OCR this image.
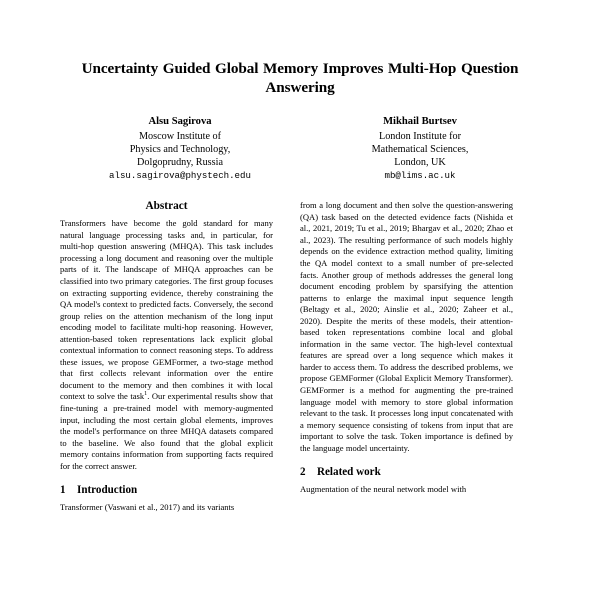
Uncertainty Guided Global Memory Improves Multi-Hop Question Answering
Alsu Sagirova
Moscow Institute of
Physics and Technology,
Dolgoprudny, Russia
alsu.sagirova@phystech.edu
Mikhail Burtsev
London Institute for
Mathematical Sciences,
London, UK
mb@lims.ac.uk
Abstract

Transformers have become the gold standard for many natural language processing tasks and, in particular, for multi-hop question answering (MHQA). This task includes processing a long document and reasoning over the multiple parts of it. The landscape of MHQA approaches can be classified into two primary categories. The first group focuses on extracting supporting evidence, thereby constraining the QA model's context to predicted facts. Conversely, the second group relies on the attention mechanism of the long input encoding model to facilitate multi-hop reasoning. However, attention-based token representations lack explicit global contextual information to connect reasoning steps. To address these issues, we propose GEMFormer, a two-stage method that first collects relevant information over the entire document to the memory and then combines it with local context to solve the task$^1$. Our experimental results show that fine-tuning a pre-trained model with memory-augmented input, including the most certain global elements, improves the model's performance on three MHQA datasets compared to the baseline. We also found that the global explicit memory contains information from supporting facts required for the correct answer.

1	Introduction

Transformer (Vaswani et al., 2017) and its variants

from a long document and then solve the question-answering (QA) task based on the detected evidence facts (Nishida et al., 2021, 2019; Tu et al., 2019; Bhargav et al., 2020; Zhao et al., 2023). The resulting performance of such models highly depends on the evidence extraction method quality, limiting the QA model context to a small number of pre-selected facts. Another group of methods addresses the general long document encoding problem by sparsifying the attention patterns to enlarge the maximal input sequence length (Beltagy et al., 2020; Ainslie et al., 2020; Zaheer et al., 2020). Despite the merits of these models, their attention-based token representations combine local and global information in the same vector. The high-level contextual features are spread over a long sequence which makes it harder to access them. To address the described problems, we propose GEMFormer (Global Explicit Memory Transformer). GEMFormer is a method for augmenting the pre-trained language model with memory to store global information relevant to the task. It processes long input concatenated with a memory sequence consisting of tokens from input that are important to solve the task. Token importance is defined by the language model uncertainty.

2	Related work

Augmentation of the neural network model with
